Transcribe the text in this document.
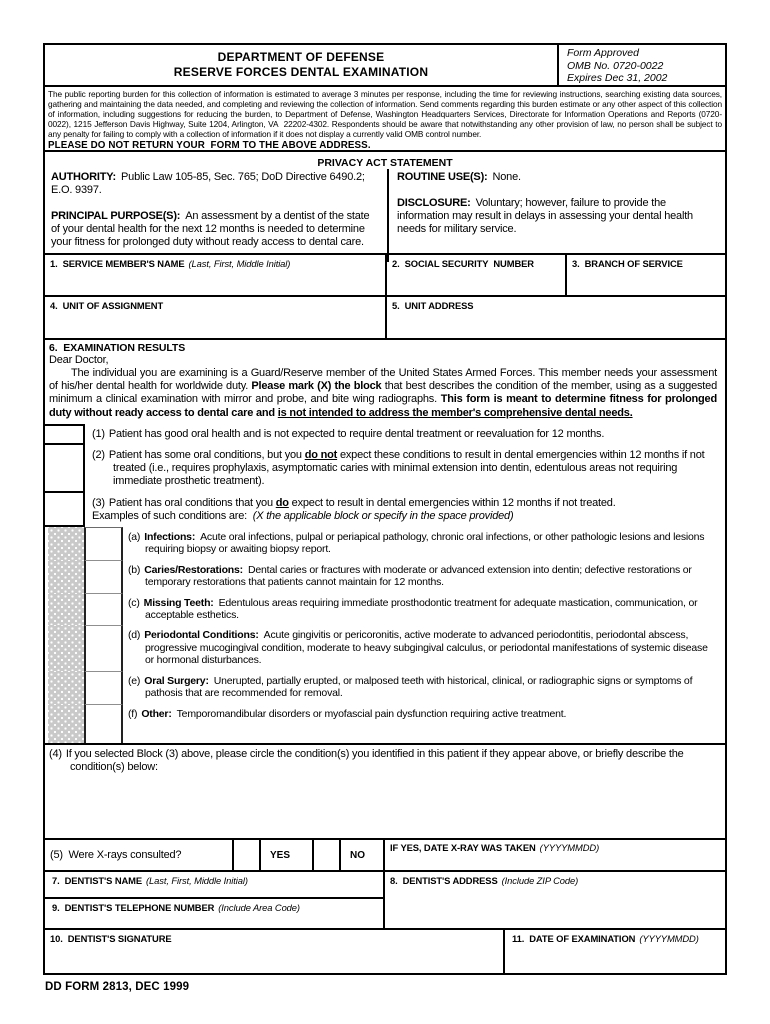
DEPARTMENT OF DEFENSE
RESERVE FORCES DENTAL EXAMINATION
Form Approved
OMB No. 0720-0022
Expires Dec 31, 2002
The public reporting burden for this collection of information is estimated to average 3 minutes per response, including the time for reviewing instructions, searching existing data sources, gathering and maintaining the data needed, and completing and reviewing the collection of information. Send comments regarding this burden estimate or any other aspect of this collection of information, including suggestions for reducing the burden, to Department of Defense, Washington Headquarters Services, Directorate for Information Operations and Reports (0720-0022), 1215 Jefferson Davis Highway, Suite 1204, Arlington, VA  22202-4302. Respondents should be aware that notwithstanding any other provision of law, no person shall be subject to any penalty for failing to comply with a collection of information if it does not display a currently valid OMB control number.
PLEASE DO NOT RETURN YOUR  FORM TO THE ABOVE ADDRESS.
PRIVACY ACT STATEMENT

AUTHORITY: Public Law 105-85, Sec. 765; DoD Directive 6490.2; E.O. 9397.

PRINCIPAL PURPOSE(S): An assessment by a dentist of the state of your dental health for the next 12 months is needed to determine your fitness for prolonged duty without ready access to dental care.

ROUTINE USE(S): None.

DISCLOSURE: Voluntary; however, failure to provide the information may result in delays in assessing your dental health needs for military service.

1.  SERVICE MEMBER'S NAME (Last, First, Middle Initial)	2.  SOCIAL SECURITY  NUMBER	3.  BRANCH OF SERVICE
4.  UNIT OF ASSIGNMENT	5.  UNIT ADDRESS
6.  EXAMINATION RESULTS
Dear Doctor,

The individual you are examining is a Guard/Reserve member of the United States Armed Forces. This member needs your assessment of his/her dental health for worldwide duty. Please mark (X) the block that best describes the condition of the member, using as a suggested minimum a clinical examination with mirror and probe, and bite wing radiographs. This form is meant to determine fitness for prolonged duty without ready access to dental care and is not intended to address the member's comprehensive dental needs.

(1) Patient has good oral health and is not expected to require dental treatment or reevaluation for 12 months.

(2) Patient has some oral conditions, but you do not expect these conditions to result in dental emergencies within 12 months if not treated (i.e., requires prophylaxis, asymptomatic caries with minimal extension into dentin, edentulous areas not requiring immediate prosthetic treatment).

(3) Patient has oral conditions that you do expect to result in dental emergencies within 12 months if not treated.

Examples of such conditions are:  (X the applicable block or specify in the space provided)

(a) Infections: Acute oral infections, pulpal or periapical pathology, chronic oral infections, or other pathologic lesions and lesions requiring biopsy or awaiting biopsy report.

(b) Caries/Restorations: Dental caries or fractures with moderate or advanced extension into dentin; defective restorations or temporary restorations that patients cannot maintain for 12 months.

(c) Missing Teeth: Edentulous areas requiring immediate prosthodontic treatment for adequate mastication, communication, or acceptable esthetics.

(d) Periodontal Conditions: Acute gingivitis or pericoronitis, active moderate to advanced periodontitis, periodontal abscess, progressive mucogingival condition, moderate to heavy subgingival calculus, or periodontal manifestations of systemic disease or hormonal disturbances.

(e) Oral Surgery: Unerupted, partially erupted, or malposed teeth with historical, clinical, or radiographic signs or symptoms of pathosis that are recommended for removal.

(f) Other: Temporomandibular disorders or myofascial pain dysfunction requiring active treatment.

(4) If you selected Block (3) above, please circle the condition(s) you identified in this patient if they appear above, or briefly describe the condition(s) below:

(5)  Were X-rays consulted?	YES	NO
IF YES, DATE X-RAY WAS TAKEN (YYYYMMDD)
7.  DENTIST'S NAME (Last, First, Middle Initial)
9.  DENTIST'S TELEPHONE NUMBER (Include Area Code)
8.  DENTIST'S ADDRESS (Include ZIP Code)
10.  DENTIST'S SIGNATURE	11.  DATE OF EXAMINATION (YYYYMMDD)
DD FORM 2813, DEC 1999
